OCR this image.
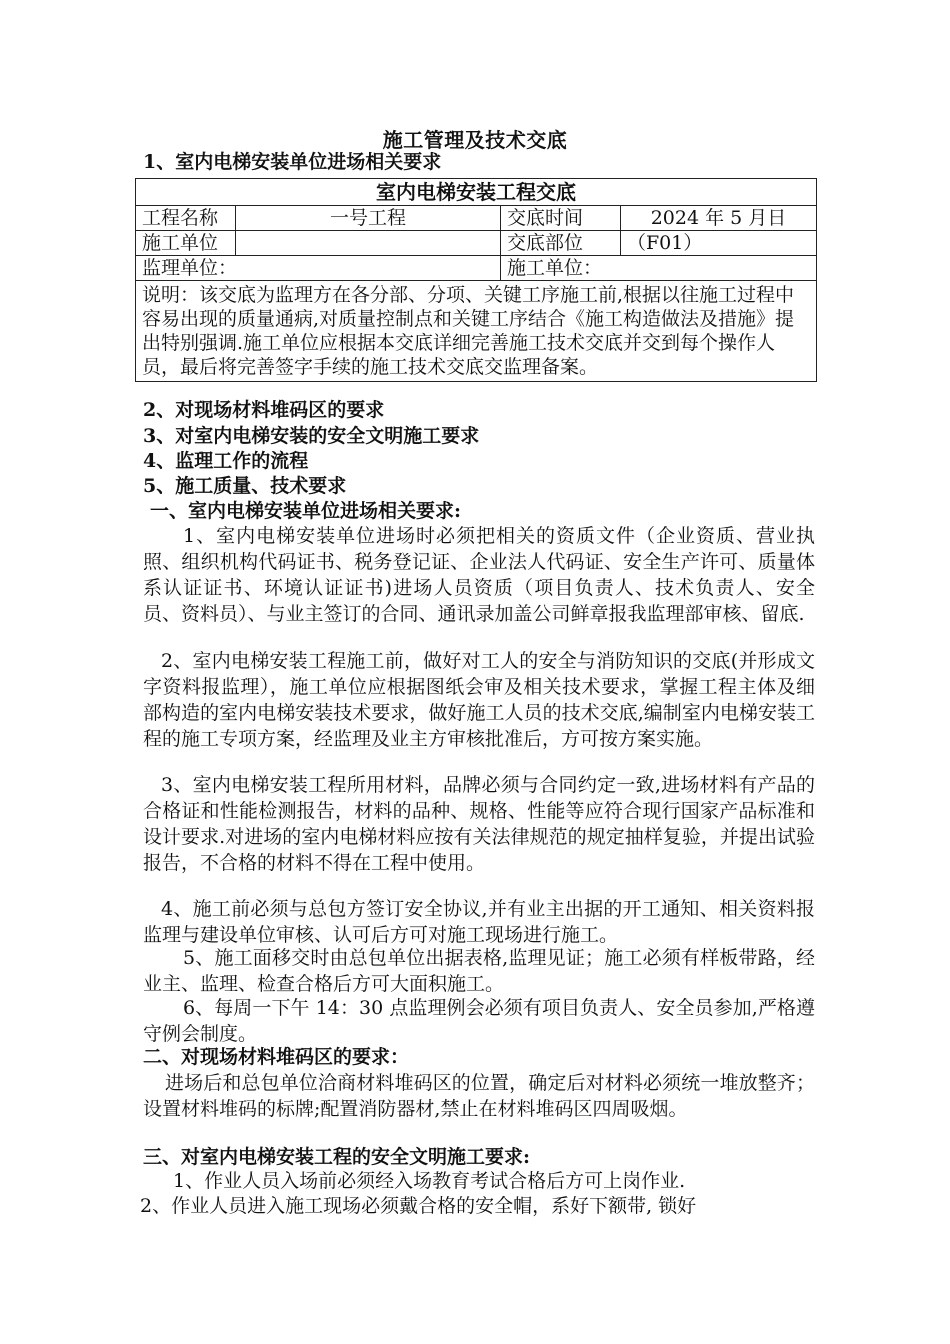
施工管理及技术交底
1、室内电梯安装单位进场相关要求
室内电梯安装工程交底			
工程名称	一号工程	交底时间	2024 年 5 月日
施工单位		交底部位	（F01）
监理单位：		施工单位：	
说明：该交底为监理方在各分部、分项、关键工序施工前,根据以往施工过程中容易出现的质量通病,对质量控制点和关键工序结合《施工构造做法及措施》提出特别强调.施工单位应根据本交底详细完善施工技术交底并交到每个操作人员，最后将完善签字手续的施工技术交底交监理备案。			
2、对现场材料堆码区的要求
3、对室内电梯安装的安全文明施工要求
4、监理工作的流程
5、施工质量、技术要求
一、室内电梯安装单位进场相关要求:
1、室内电梯安装单位进场时必须把相关的资质文件（企业资质、营业执照、组织机构代码证书、税务登记证、企业法人代码证、安全生产许可、质量体系认证证书、环境认证证书)进场人员资质（项目负责人、技术负责人、安全员、资料员）、与业主签订的合同、通讯录加盖公司鲜章报我监理部审核、留底.
2、室内电梯安装工程施工前，做好对工人的安全与消防知识的交底(并形成文字资料报监理），施工单位应根据图纸会审及相关技术要求，掌握工程主体及细部构造的室内电梯安装技术要求，做好施工人员的技术交底,编制室内电梯安装工程的施工专项方案，经监理及业主方审核批准后，方可按方案实施。
3、室内电梯安装工程所用材料，品牌必须与合同约定一致,进场材料有产品的合格证和性能检测报告，材料的品种、规格、性能等应符合现行国家产品标准和设计要求.对进场的室内电梯材料应按有关法律规范的规定抽样复验，并提出试验报告，不合格的材料不得在工程中使用。
4、施工前必须与总包方签订安全协议,并有业主出据的开工通知、相关资料报监理与建设单位审核、认可后方可对施工现场进行施工。
5、施工面移交时由总包单位出据表格,监理见证；施工必须有样板带路，经业主、监理、检查合格后方可大面积施工。
6、每周一下午 14：30 点监理例会必须有项目负责人、安全员参加,严格遵守例会制度。
二、对现场材料堆码区的要求：
进场后和总包单位洽商材料堆码区的位置，确定后对材料必须统一堆放整齐；设置材料堆码的标牌;配置消防器材,禁止在材料堆码区四周吸烟。
三、对室内电梯安装工程的安全文明施工要求:
1、作业人员入场前必须经入场教育考试合格后方可上岗作业.
2、作业人员进入施工现场必须戴合格的安全帽，系好下额带, 锁好
